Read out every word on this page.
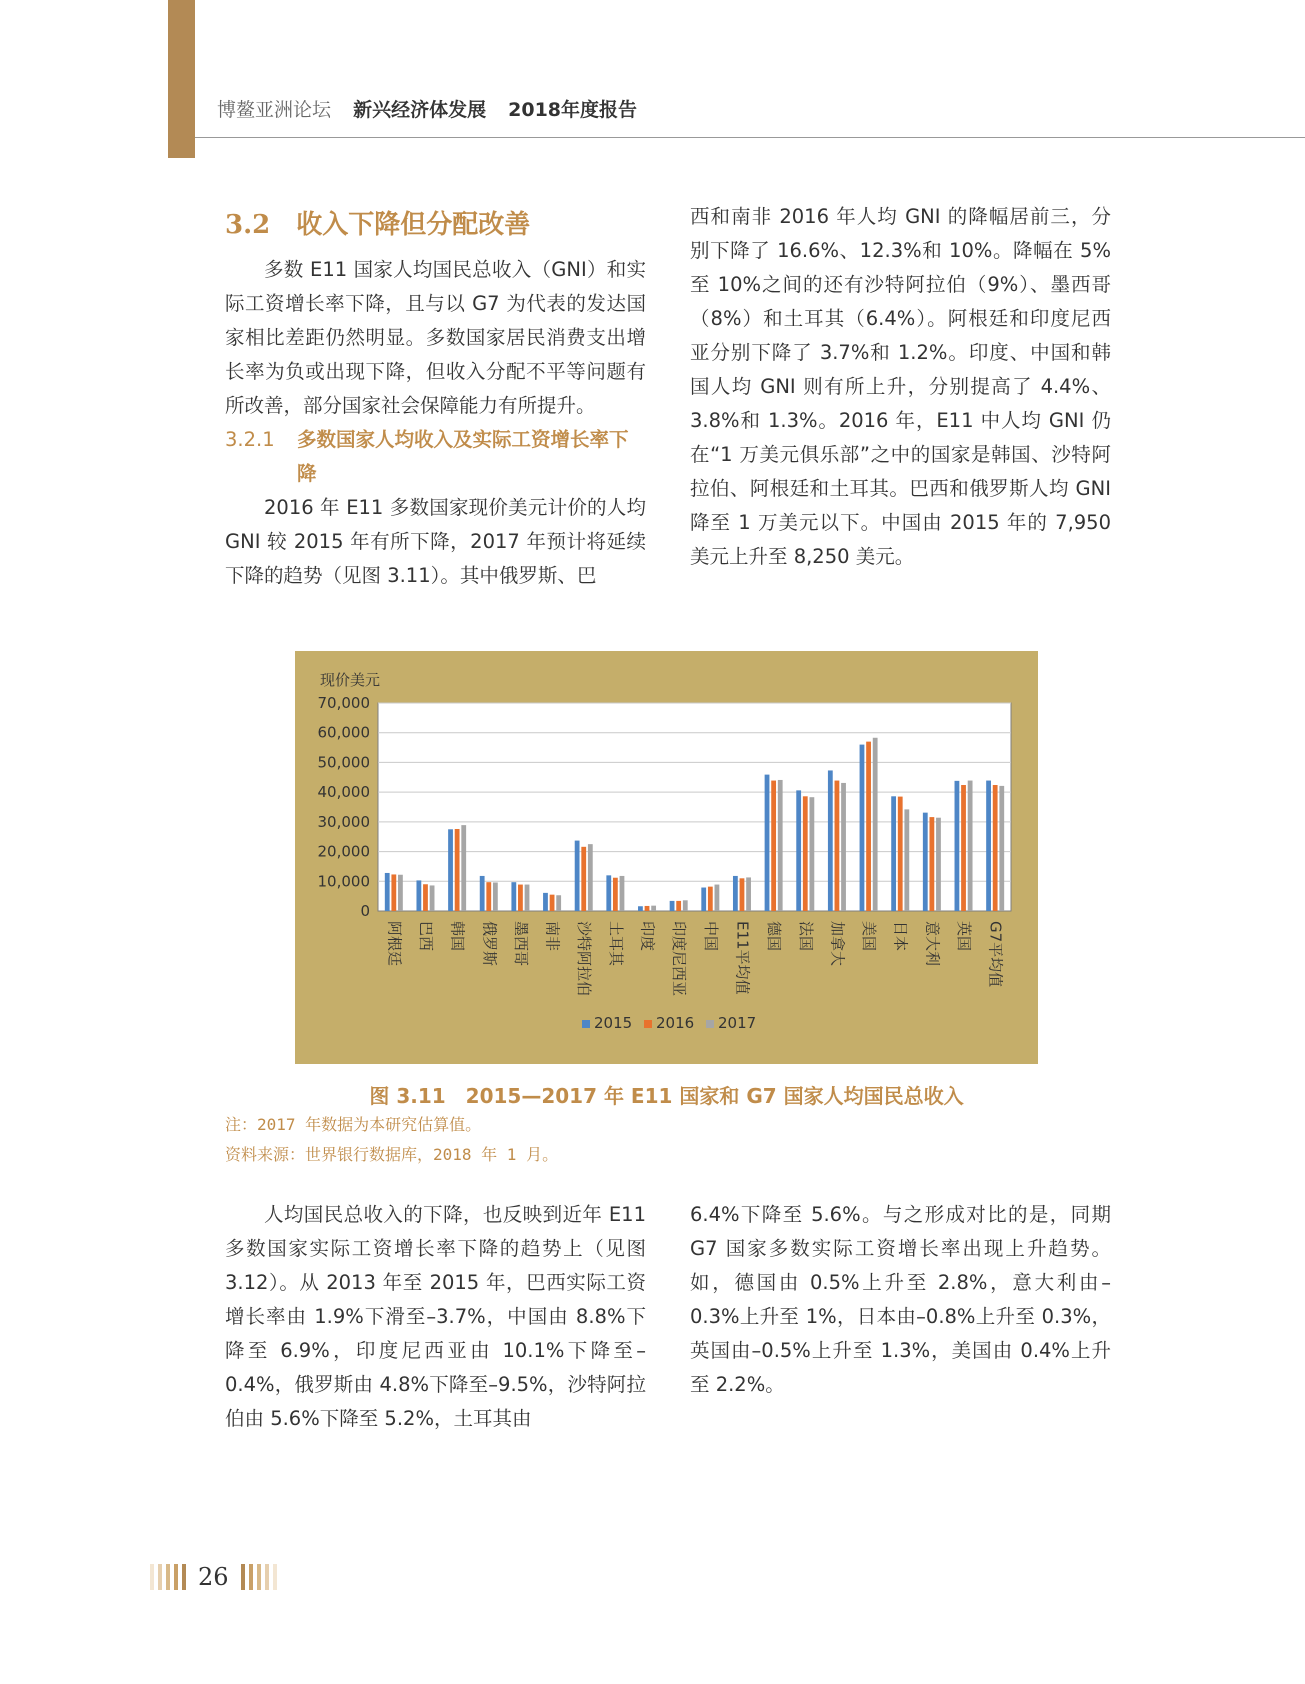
博鳌亚洲论坛 新兴经济体发展 2018年度报告
3.2 收入下降但分配改善

多数 E11 国家人均国民总收入（GNI）和实际工资增长率下降，且与以 G7 为代表的发达国家相比差距仍然明显。多数国家居民消费支出增长率为负或出现下降，但收入分配不平等问题有所改善，部分国家社会保障能力有所提升。

3.2.1	多数国家人均收入及实际工资增长率下降

2016 年 E11 多数国家现价美元计价的人均 GNI 较 2015 年有所下降，2017 年预计将延续下降的趋势（见图 3.11）。其中俄罗斯、巴

西和南非 2016 年人均 GNI 的降幅居前三，分别下降了 16.6%、12.3%和 10%。降幅在 5%至 10%之间的还有沙特阿拉伯（9%）、墨西哥（8%）和土耳其（6.4%）。阿根廷和印度尼西亚分别下降了 3.7%和 1.2%。印度、中国和韩国人均 GNI 则有所上升，分别提高了 4.4%、3.8%和 1.3%。2016 年，E11 中人均 GNI 仍在“1 万美元俱乐部”之中的国家是韩国、沙特阿拉伯、阿根廷和土耳其。巴西和俄罗斯人均 GNI 降至 1 万美元以下。中国由 2015 年的 7,950 美元上升至 8,250 美元。

现价美元
70,000
60,000
50,000
40,000
30,000
20,000
10,000
0
阿根廷 巴西 韩国 俄罗斯 墨西哥 南非 沙特阿拉伯 土耳其 印度 印度尼西亚 中国 E11平均值 德国 法国 加拿大 美国 日本 意大利 英国 G7平均值
2015 2016 2017
图 3.11　2015—2017 年 E11 国家和 G7 国家人均国民总收入
注：2017 年数据为本研究估算值。
资料来源：世界银行数据库，2018 年 1 月。

人均国民总收入的下降，也反映到近年 E11 多数国家实际工资增长率下降的趋势上（见图 3.12）。从 2013 年至 2015 年，巴西实际工资增长率由 1.9%下滑至–3.7%，中国由 8.8%下降至 6.9%，印度尼西亚由 10.1%下降至–0.4%，俄罗斯由 4.8%下降至–9.5%，沙特阿拉伯由 5.6%下降至 5.2%，土耳其由

6.4%下降至 5.6%。与之形成对比的是，同期 G7 国家多数实际工资增长率出现上升趋势。如，德国由 0.5%上升至 2.8%，意大利由–0.3%上升至 1%，日本由–0.8%上升至 0.3%，英国由–0.5%上升至 1.3%，美国由 0.4%上升至 2.2%。

26
